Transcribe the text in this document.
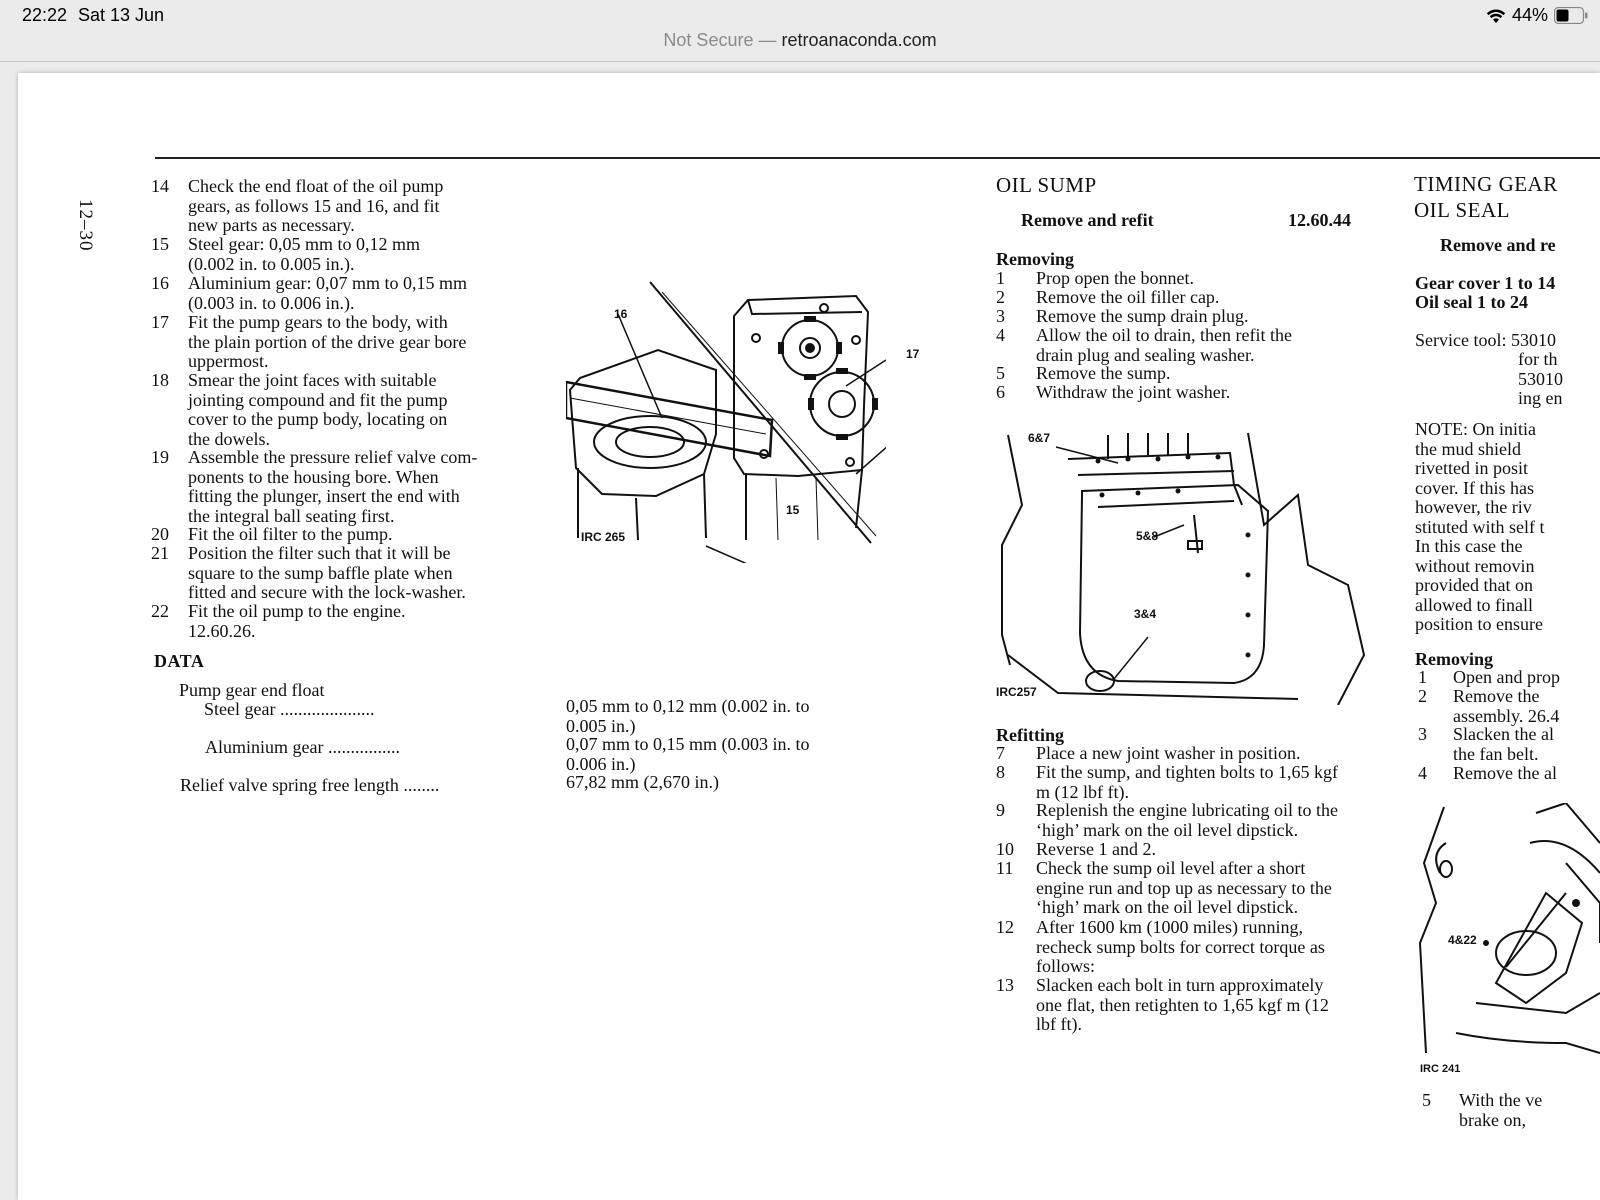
22:22 Sat 13 Jun	44%
Not Secure — retroanaconda.com
12–30
14 Check the end float of the oil pump
gears, as follows 15 and 16, and fit
new parts as necessary.
15 Steel gear: 0,05 mm to 0,12 mm
(0.002 in. to 0.005 in.).
16 Aluminium gear: 0,07 mm to 0,15 mm
(0.003 in. to 0.006 in.).
17 Fit the pump gears to the body, with
the plain portion of the drive gear bore
uppermost.
18 Smear the joint faces with suitable
jointing compound and fit the pump
cover to the pump body, locating on
the dowels.
19 Assemble the pressure relief valve com-
ponents to the housing bore. When
fitting the plunger, insert the end with
the integral ball seating first.
20 Fit the oil filter to the pump.
21 Position the filter such that it will be
square to the sump baffle plate when
fitted and secure with the lock-washer.
22 Fit the oil pump to the engine.
12.60.26.
DATA
Pump gear end float
Steel gear .....................	0,05 mm to 0,12 mm (0.002 in. to
0.005 in.)
Aluminium gear ................	0,07 mm to 0,15 mm (0.003 in. to
0.006 in.)
Relief valve spring free length ........	67,82 mm (2,670 in.)
16
17
15
IRC 265
OIL SUMP
Remove and refit	12.60.44
Removing
1 Prop open the bonnet.
2 Remove the oil filler cap.
3 Remove the sump drain plug.
4 Allow the oil to drain, then refit the
drain plug and sealing washer.
5 Remove the sump.
6 Withdraw the joint washer.
6&7
5&8
3&4
IRC257
Refitting
7 Place a new joint washer in position.
8 Fit the sump, and tighten bolts to 1,65 kgf
m (12 lbf ft).
9 Replenish the engine lubricating oil to the
‘high’ mark on the oil level dipstick.
10 Reverse 1 and 2.
11 Check the sump oil level after a short
engine run and top up as necessary to the
‘high’ mark on the oil level dipstick.
12 After 1600 km (1000 miles) running,
recheck sump bolts for correct torque as
follows:
13 Slacken each bolt in turn approximately
one flat, then retighten to 1,65 kgf m (12
lbf ft).
TIMING GEAR
OIL SEAL
Remove and re
Gear cover 1 to 14
Oil seal 1 to 24
Service tool: 53010
for th
53010
ing en
NOTE: On initia
the mud shield
rivetted in posit
cover. If this has
however, the riv
stituted with self t
In this case the
without removin
provided that on
allowed to finall
position to ensure
Removing
1 Open and prop
2 Remove the
assembly. 26.4
3 Slacken the al
the fan belt.
4 Remove the al
4&22
IRC 241
5 With the ve
brake on,
